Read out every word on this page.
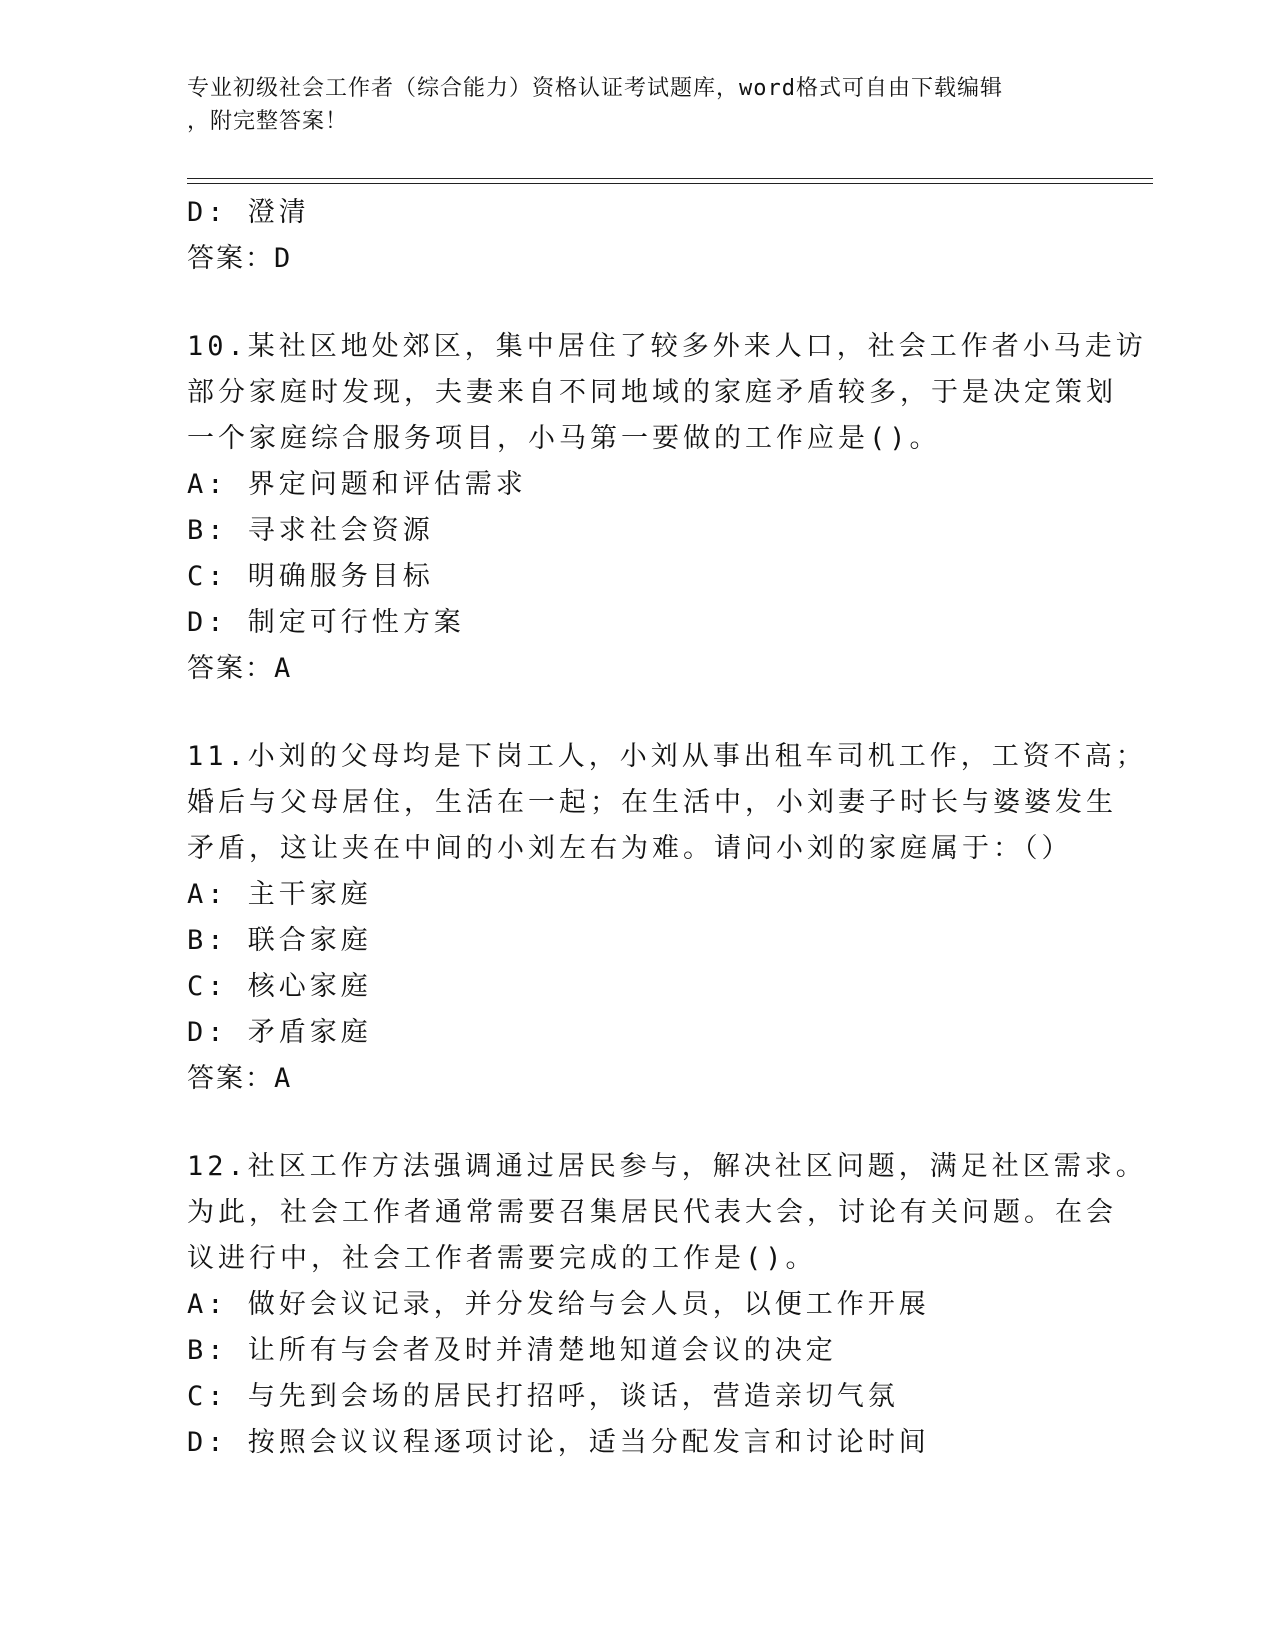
专业初级社会工作者（综合能力）资格认证考试题库，word格式可自由下载编辑
，附完整答案！
D: 澄清
答案：D
10.某社区地处郊区，集中居住了较多外来人口，社会工作者小马走访
部分家庭时发现，夫妻来自不同地域的家庭矛盾较多，于是决定策划
一个家庭综合服务项目，小马第一要做的工作应是()。
A: 界定问题和评估需求
B: 寻求社会资源
C: 明确服务目标
D: 制定可行性方案
答案：A
11.小刘的父母均是下岗工人，小刘从事出租车司机工作，工资不高；
婚后与父母居住，生活在一起；在生活中，小刘妻子时长与婆婆发生
矛盾，这让夹在中间的小刘左右为难。请问小刘的家庭属于：（）
A: 主干家庭
B: 联合家庭
C: 核心家庭
D: 矛盾家庭
答案：A
12.社区工作方法强调通过居民参与，解决社区问题，满足社区需求。
为此，社会工作者通常需要召集居民代表大会，讨论有关问题。在会
议进行中，社会工作者需要完成的工作是()。
A: 做好会议记录，并分发给与会人员，以便工作开展
B: 让所有与会者及时并清楚地知道会议的决定
C: 与先到会场的居民打招呼，谈话，营造亲切气氛
D: 按照会议议程逐项讨论，适当分配发言和讨论时间
